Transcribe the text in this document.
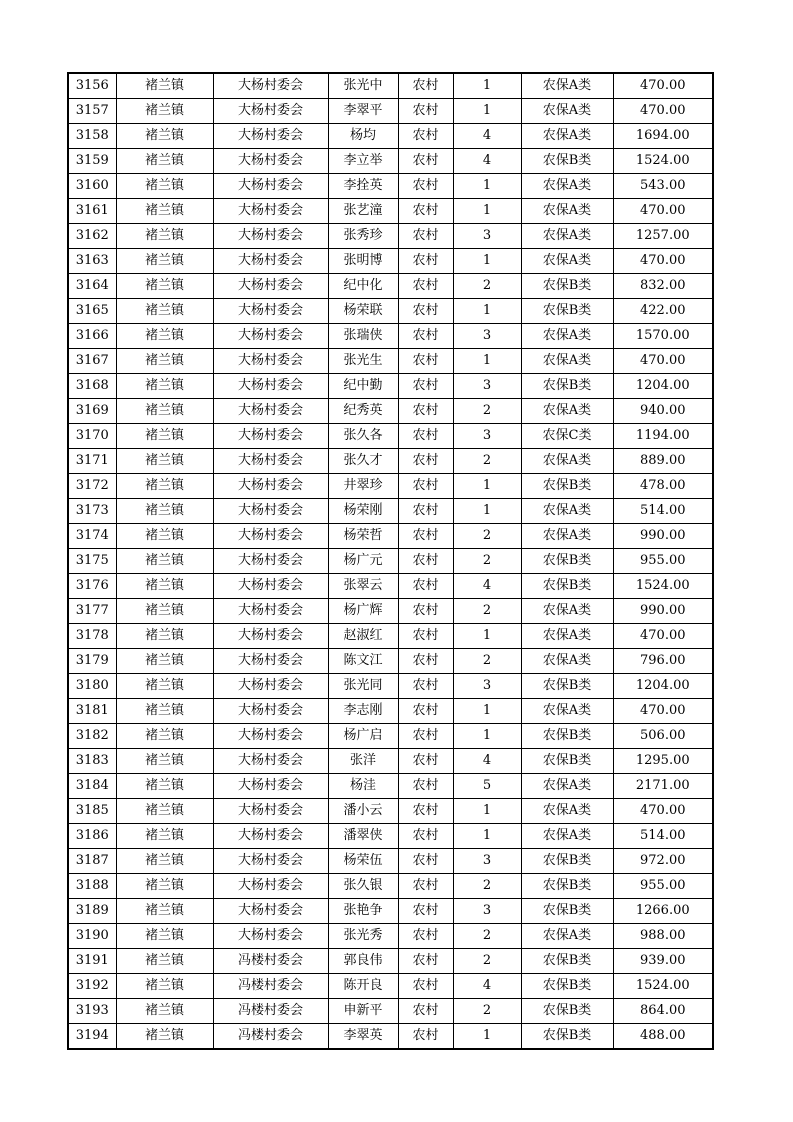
3156	褚兰镇	大杨村委会	张光中	农村	1	农保A类	470.00
3157	褚兰镇	大杨村委会	李翠平	农村	1	农保A类	470.00
3158	褚兰镇	大杨村委会	杨均	农村	4	农保A类	1694.00
3159	褚兰镇	大杨村委会	李立举	农村	4	农保B类	1524.00
3160	褚兰镇	大杨村委会	李拴英	农村	1	农保A类	543.00
3161	褚兰镇	大杨村委会	张艺潼	农村	1	农保A类	470.00
3162	褚兰镇	大杨村委会	张秀珍	农村	3	农保A类	1257.00
3163	褚兰镇	大杨村委会	张明博	农村	1	农保A类	470.00
3164	褚兰镇	大杨村委会	纪中化	农村	2	农保B类	832.00
3165	褚兰镇	大杨村委会	杨荣联	农村	1	农保B类	422.00
3166	褚兰镇	大杨村委会	张瑞侠	农村	3	农保A类	1570.00
3167	褚兰镇	大杨村委会	张光生	农村	1	农保A类	470.00
3168	褚兰镇	大杨村委会	纪中勤	农村	3	农保B类	1204.00
3169	褚兰镇	大杨村委会	纪秀英	农村	2	农保A类	940.00
3170	褚兰镇	大杨村委会	张久各	农村	3	农保C类	1194.00
3171	褚兰镇	大杨村委会	张久才	农村	2	农保A类	889.00
3172	褚兰镇	大杨村委会	井翠珍	农村	1	农保B类	478.00
3173	褚兰镇	大杨村委会	杨荣刚	农村	1	农保A类	514.00
3174	褚兰镇	大杨村委会	杨荣哲	农村	2	农保A类	990.00
3175	褚兰镇	大杨村委会	杨广元	农村	2	农保B类	955.00
3176	褚兰镇	大杨村委会	张翠云	农村	4	农保B类	1524.00
3177	褚兰镇	大杨村委会	杨广辉	农村	2	农保A类	990.00
3178	褚兰镇	大杨村委会	赵淑红	农村	1	农保A类	470.00
3179	褚兰镇	大杨村委会	陈文江	农村	2	农保A类	796.00
3180	褚兰镇	大杨村委会	张光同	农村	3	农保B类	1204.00
3181	褚兰镇	大杨村委会	李志刚	农村	1	农保A类	470.00
3182	褚兰镇	大杨村委会	杨广启	农村	1	农保B类	506.00
3183	褚兰镇	大杨村委会	张洋	农村	4	农保B类	1295.00
3184	褚兰镇	大杨村委会	杨洼	农村	5	农保A类	2171.00
3185	褚兰镇	大杨村委会	潘小云	农村	1	农保A类	470.00
3186	褚兰镇	大杨村委会	潘翠侠	农村	1	农保A类	514.00
3187	褚兰镇	大杨村委会	杨荣伍	农村	3	农保B类	972.00
3188	褚兰镇	大杨村委会	张久银	农村	2	农保B类	955.00
3189	褚兰镇	大杨村委会	张艳争	农村	3	农保B类	1266.00
3190	褚兰镇	大杨村委会	张光秀	农村	2	农保A类	988.00
3191	褚兰镇	冯楼村委会	郭良伟	农村	2	农保B类	939.00
3192	褚兰镇	冯楼村委会	陈开良	农村	4	农保B类	1524.00
3193	褚兰镇	冯楼村委会	申新平	农村	2	农保B类	864.00
3194	褚兰镇	冯楼村委会	李翠英	农村	1	农保B类	488.00
